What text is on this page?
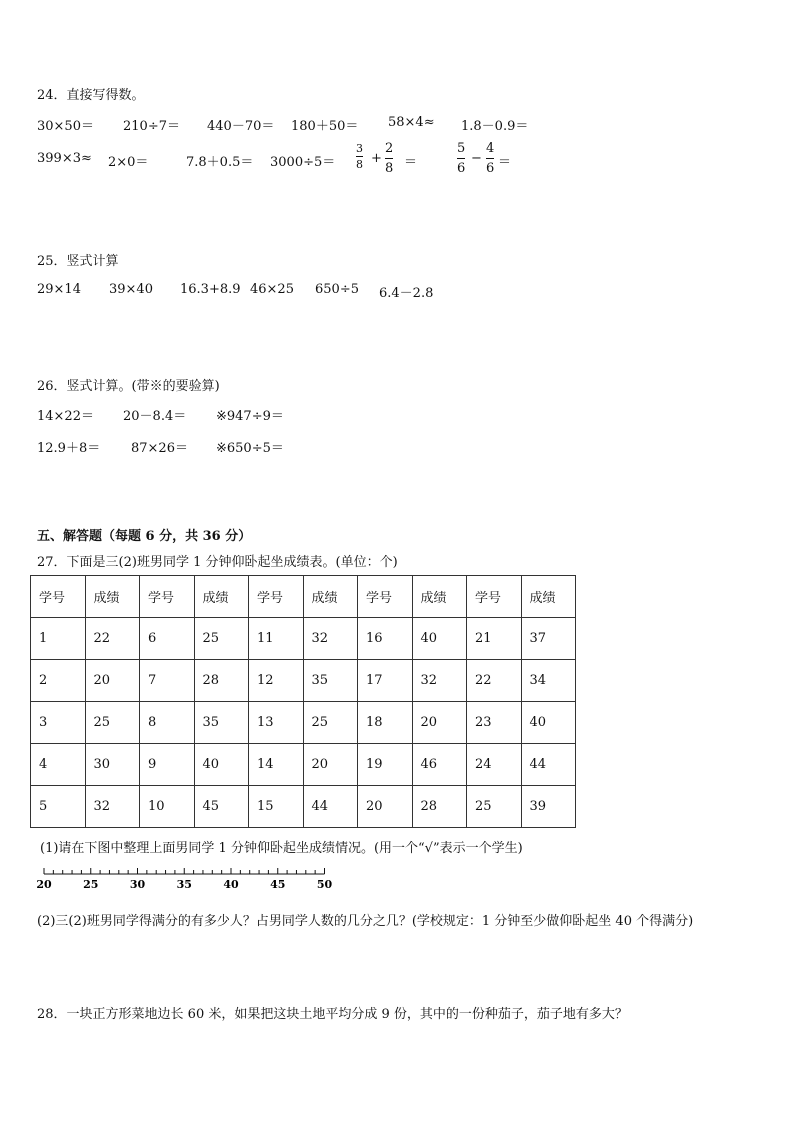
24．直接写得数。
30×50＝ 210÷7＝ 440－70＝ 180＋50＝ 58×4≈ 1.8－0.9＝
399×3≈ 2×0＝	7.8＋0.5＝ 3000÷5＝
3
8 +
2
8 ＝
5
6
−
4
6 ＝
25．竖式计算
29×14 39×40 16.3+8.9 46×25 650÷5 6.4－2.8
26．竖式计算。(带※的要验算)
14×22＝ 20－8.4＝ ※947÷9＝
12.9＋8＝ 87×26＝ ※650÷5＝
五、解答题（每题 6 分，共 36 分）
27．下面是三(2)班男同学 1 分钟仰卧起坐成绩表。(单位：个)
学号	成绩	学号	成绩	学号	成绩	学号	成绩	学号	成绩
1	22	6	25	11	32	16	40	21	37
2	20	7	28	12	35	17	32	22	34
3	25	8	35	13	25	18	20	23	40
4	30	9	40	14	20	19	46	24	44
5	32	10	45	15	44	20	28	25	39
(1)请在下图中整理上面男同学 1 分钟仰卧起坐成绩情况。(用一个“√”表示一个学生)
20	25	30	35	40	45	50
(2)三(2)班男同学得满分的有多少人？占男同学人数的几分之几？(学校规定：1 分钟至少做仰卧起坐 40 个得满分)
28．一块正方形菜地边长 60 米，如果把这块土地平均分成 9 份，其中的一份种茄子，茄子地有多大？
